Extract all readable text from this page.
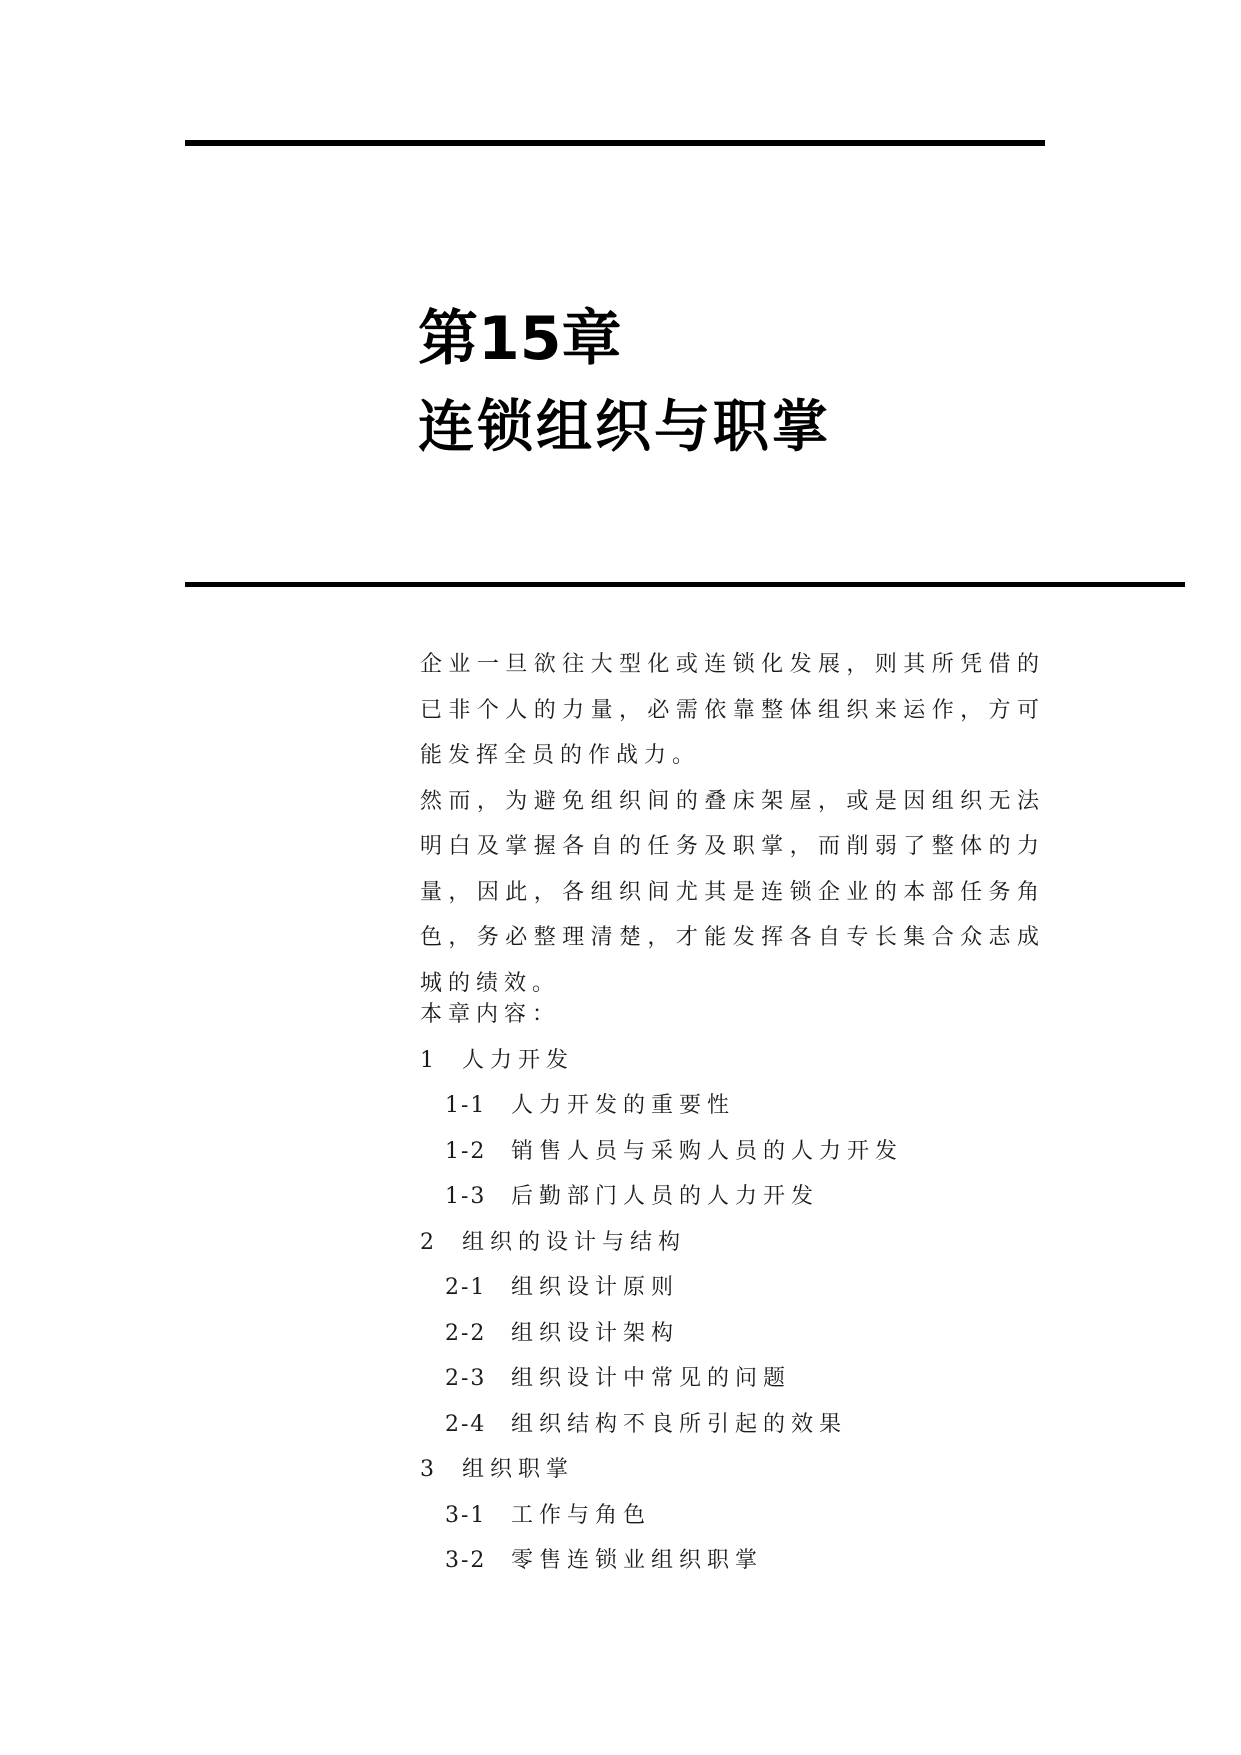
第15章
连锁组织与职掌

企业一旦欲往大型化或连锁化发展，则其所凭借的已非个人的力量，必需依靠整体组织来运作，方可能发挥全员的作战力。

然而，为避免组织间的叠床架屋，或是因组织无法明白及掌握各自的任务及职掌，而削弱了整体的力量，因此，各组织间尤其是连锁企业的本部任务角色，务必整理清楚，才能发挥各自专长集合众志成城的绩效。

本章内容：
1 人力开发
1-1 人力开发的重要性
1-2 销售人员与采购人员的人力开发
1-3 后勤部门人员的人力开发
2 组织的设计与结构
2-1 组织设计原则
2-2 组织设计架构
2-3 组织设计中常见的问题
2-4 组织结构不良所引起的效果
3 组织职掌
3-1 工作与角色
3-2 零售连锁业组织职掌
